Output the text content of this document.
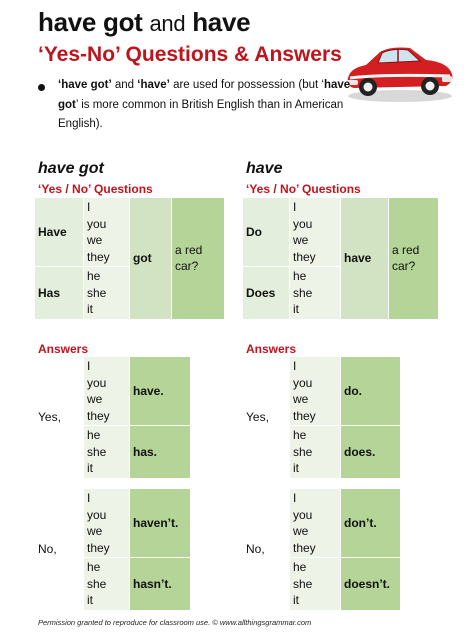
have got and have
‘Yes-No’ Questions & Answers
‘have got’ and ‘have’ are used for possession (but ‘have got’ is more common in British English than in American English).
have got
‘Yes / No’ Questions
Have	I
you
we
they	got	a red car?
Has	he
she
it		
Answers
Yes,	I
you
we
they	have.

	he
she
it	has.
No,	I
you
we
they	haven’t.

	he
she
it	hasn’t.
have
‘Yes / No’ Questions
Do	I
you
we
they	have	a red car?
Does	he
she
it		
Answers
Yes,	I
you
we
they	do.

	he
she
it	does.
No,	I
you
we
they	don’t.

	he
she
it	doesn’t.
Permission granted to reproduce for classroom use. © www.allthingsgrammar.com
